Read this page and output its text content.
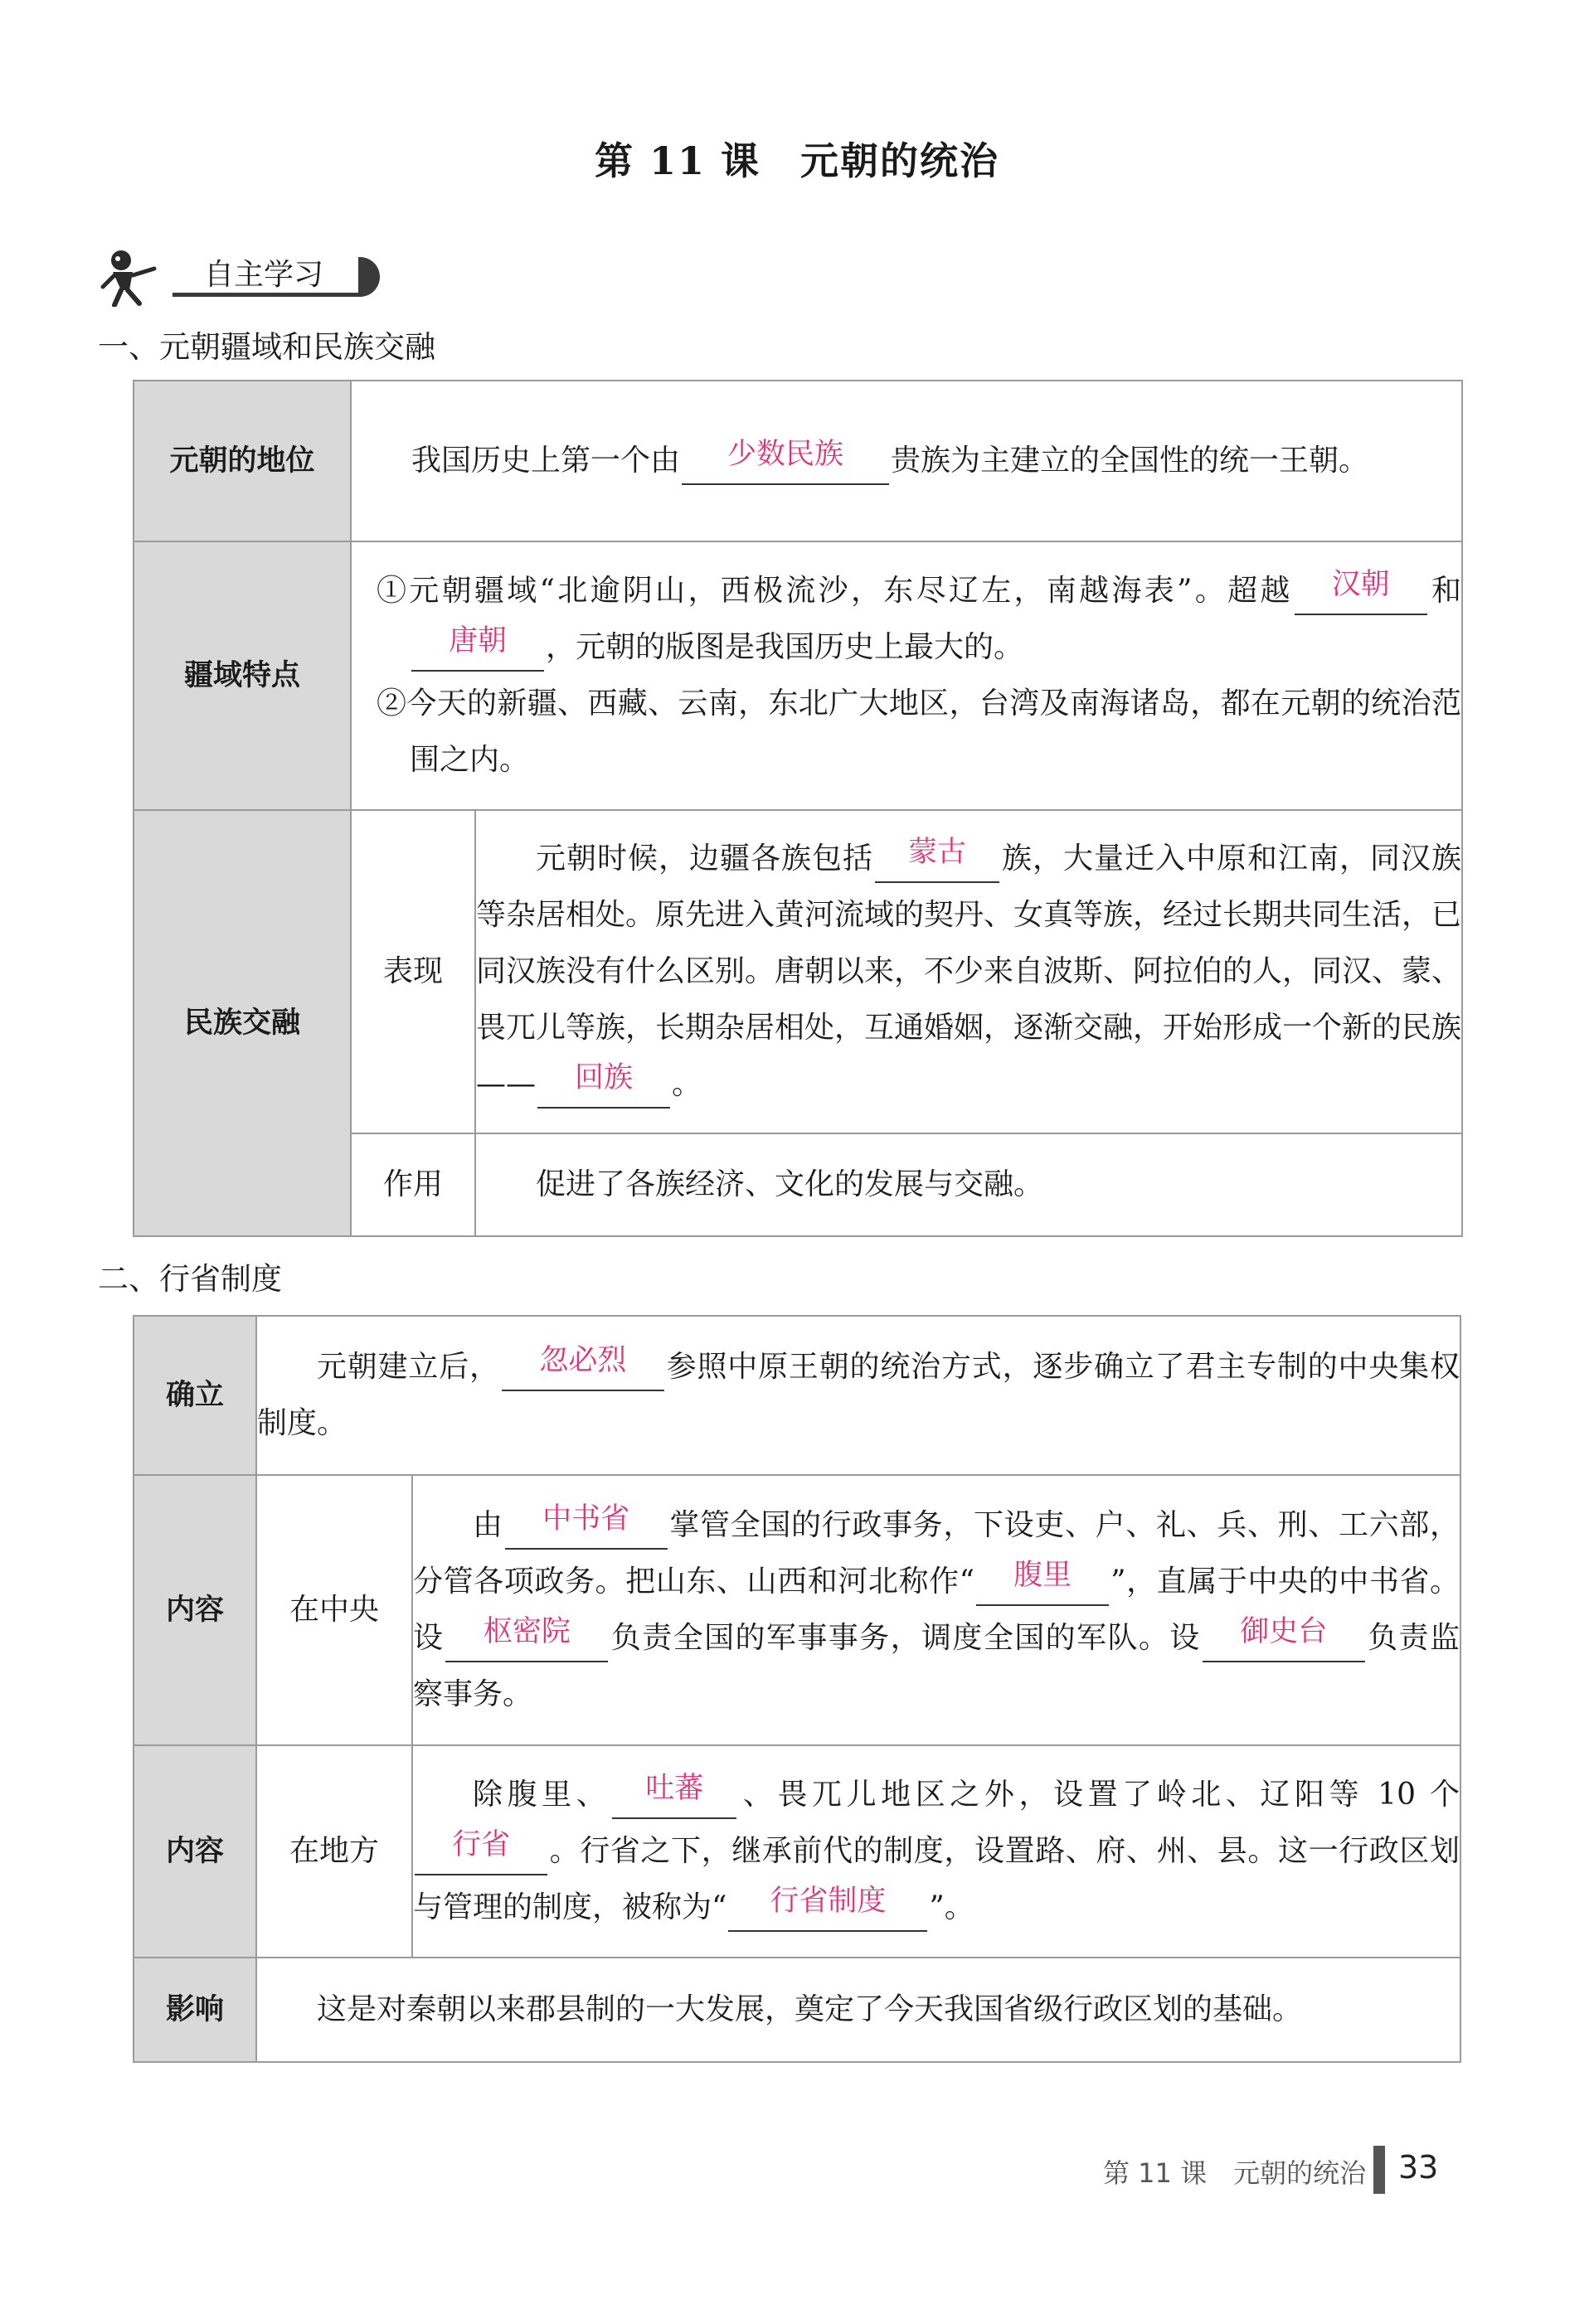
第 11 课　元朝的统治
自主学习
一、元朝疆域和民族交融
元朝的地位	我国历史上第一个由 少数民族 贵族为主建立的全国性的统一王朝。	
疆域特点	①元朝疆域“北逾阴山，西极流沙，东尽辽左，南越海表”。超越 汉朝 和唐朝 ，元朝的版图是我国历史上最大的。
②今天的新疆、西藏、云南，东北广大地区，台湾及南海诸岛，都在元朝的统治范围之内。	

民族交融	表现	元朝时候，边疆各族包括 蒙古 族，大量迁入中原和江南，同汉族等杂居相处。原先进入黄河流域的契丹、女真等族，经过长期共同生活，已同汉族没有什么区别。唐朝以来，不少来自波斯、阿拉伯的人，同汉、蒙、畏兀儿等族，长期杂居相处，互通婚姻，逐渐交融，开始形成一个新的民族—— 回族 。
	作用	促进了各族经济、文化的发展与交融。
二、行省制度
确立	元朝建立后， 忽必烈 参照中原王朝的统治方式，逐步确立了君主专制的中央集权制度。	
内容	在中央	由 中书省 掌管全国的行政事务，下设吏、户、礼、兵、刑、工六部，分管各项政务。把山东、山西和河北称作“ 腹里 ”，直属于中央的中书省。设 枢密院 负责全国的军事事务，调度全国的军队。设 御史台 负责监察事务。
内容	在地方	除腹里、 吐蕃 、畏兀儿地区之外，设置了岭北、辽阳等 10 个行省 。行省之下，继承前代的制度，设置路、府、州、县。这一行政区划与管理的制度，被称为“ 行省制度 ”。
影响	这是对秦朝以来郡县制的一大发展，奠定了今天我国省级行政区划的基础。	
第 11 课　元朝的统治 33
